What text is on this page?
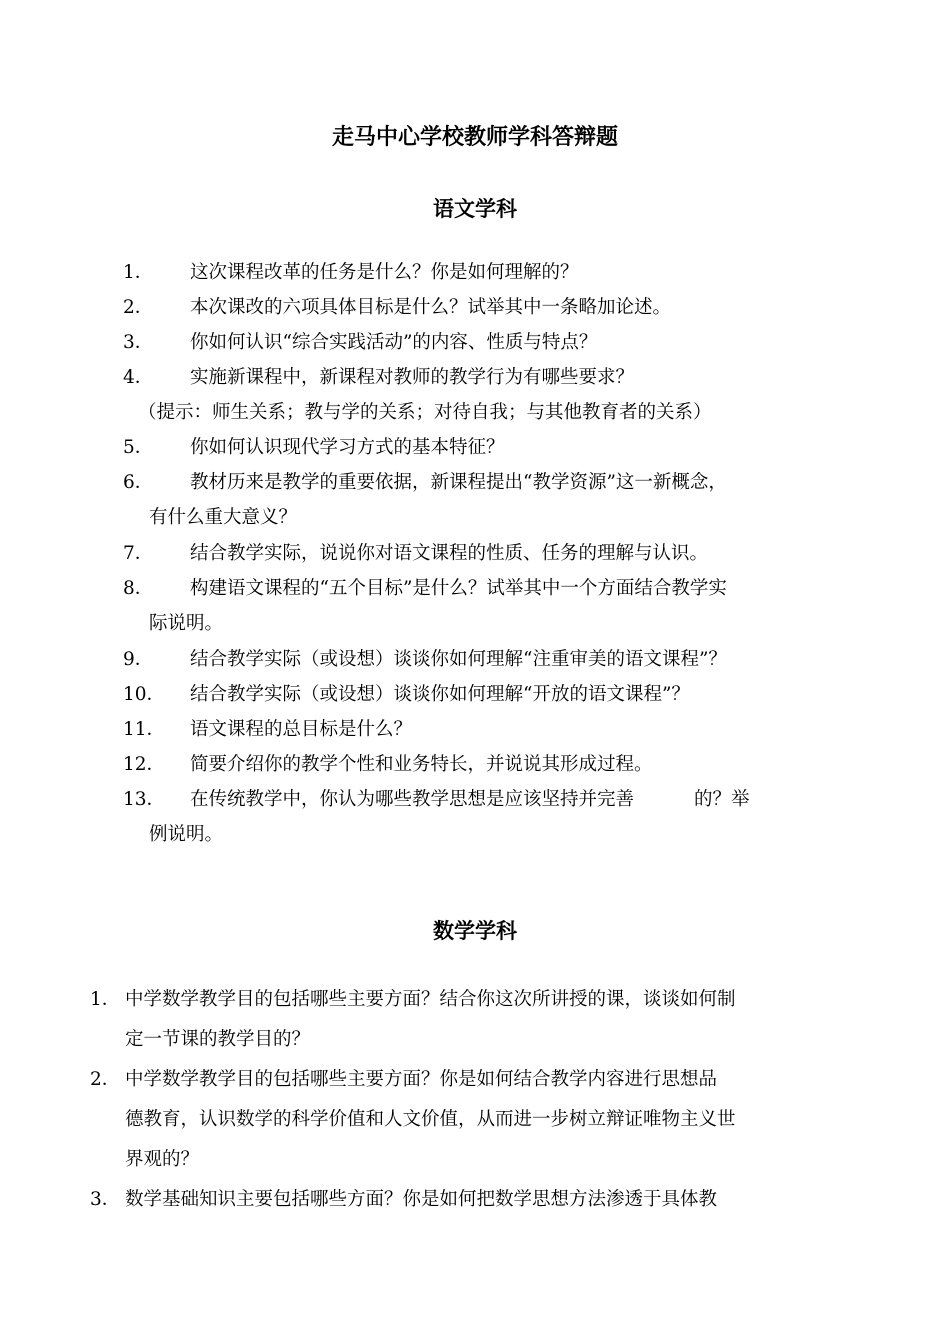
走马中心学校教师学科答辩题
语文学科
1．	这次课程改革的任务是什么？你是如何理解的？
2．	本次课改的六项具体目标是什么？试举其中一条略加论述。
3．	你如何认识“综合实践活动”的内容、性质与特点？
4．	实施新课程中，新课程对教师的教学行为有哪些要求？
（提示：师生关系；教与学的关系；对待自我；与其他教育者的关系）
5．	你如何认识现代学习方式的基本特征？
6．	教材历来是教学的重要依据，新课程提出“教学资源”这一新概念，
有什么重大意义？
7．	结合教学实际，说说你对语文课程的性质、任务的理解与认识。
8．	构建语文课程的“五个目标”是什么？试举其中一个方面结合教学实
际说明。
9．	结合教学实际（或设想）谈谈你如何理解“注重审美的语文课程”？
10．	结合教学实际（或设想）谈谈你如何理解“开放的语文课程”？
11．	语文课程的总目标是什么？
12．	简要介绍你的教学个性和业务特长，并说说其形成过程。
13．	在传统教学中，你认为哪些教学思想是应该坚持并完善	的？举
例说明。
数学学科
1． 中学数学教学目的包括哪些主要方面？结合你这次所讲授的课，谈谈如何制
定一节课的教学目的？
2． 中学数学教学目的包括哪些主要方面？你是如何结合教学内容进行思想品
德教育，认识数学的科学价值和人文价值，从而进一步树立辩证唯物主义世
界观的？
3． 数学基础知识主要包括哪些方面？你是如何把数学思想方法渗透于具体教
